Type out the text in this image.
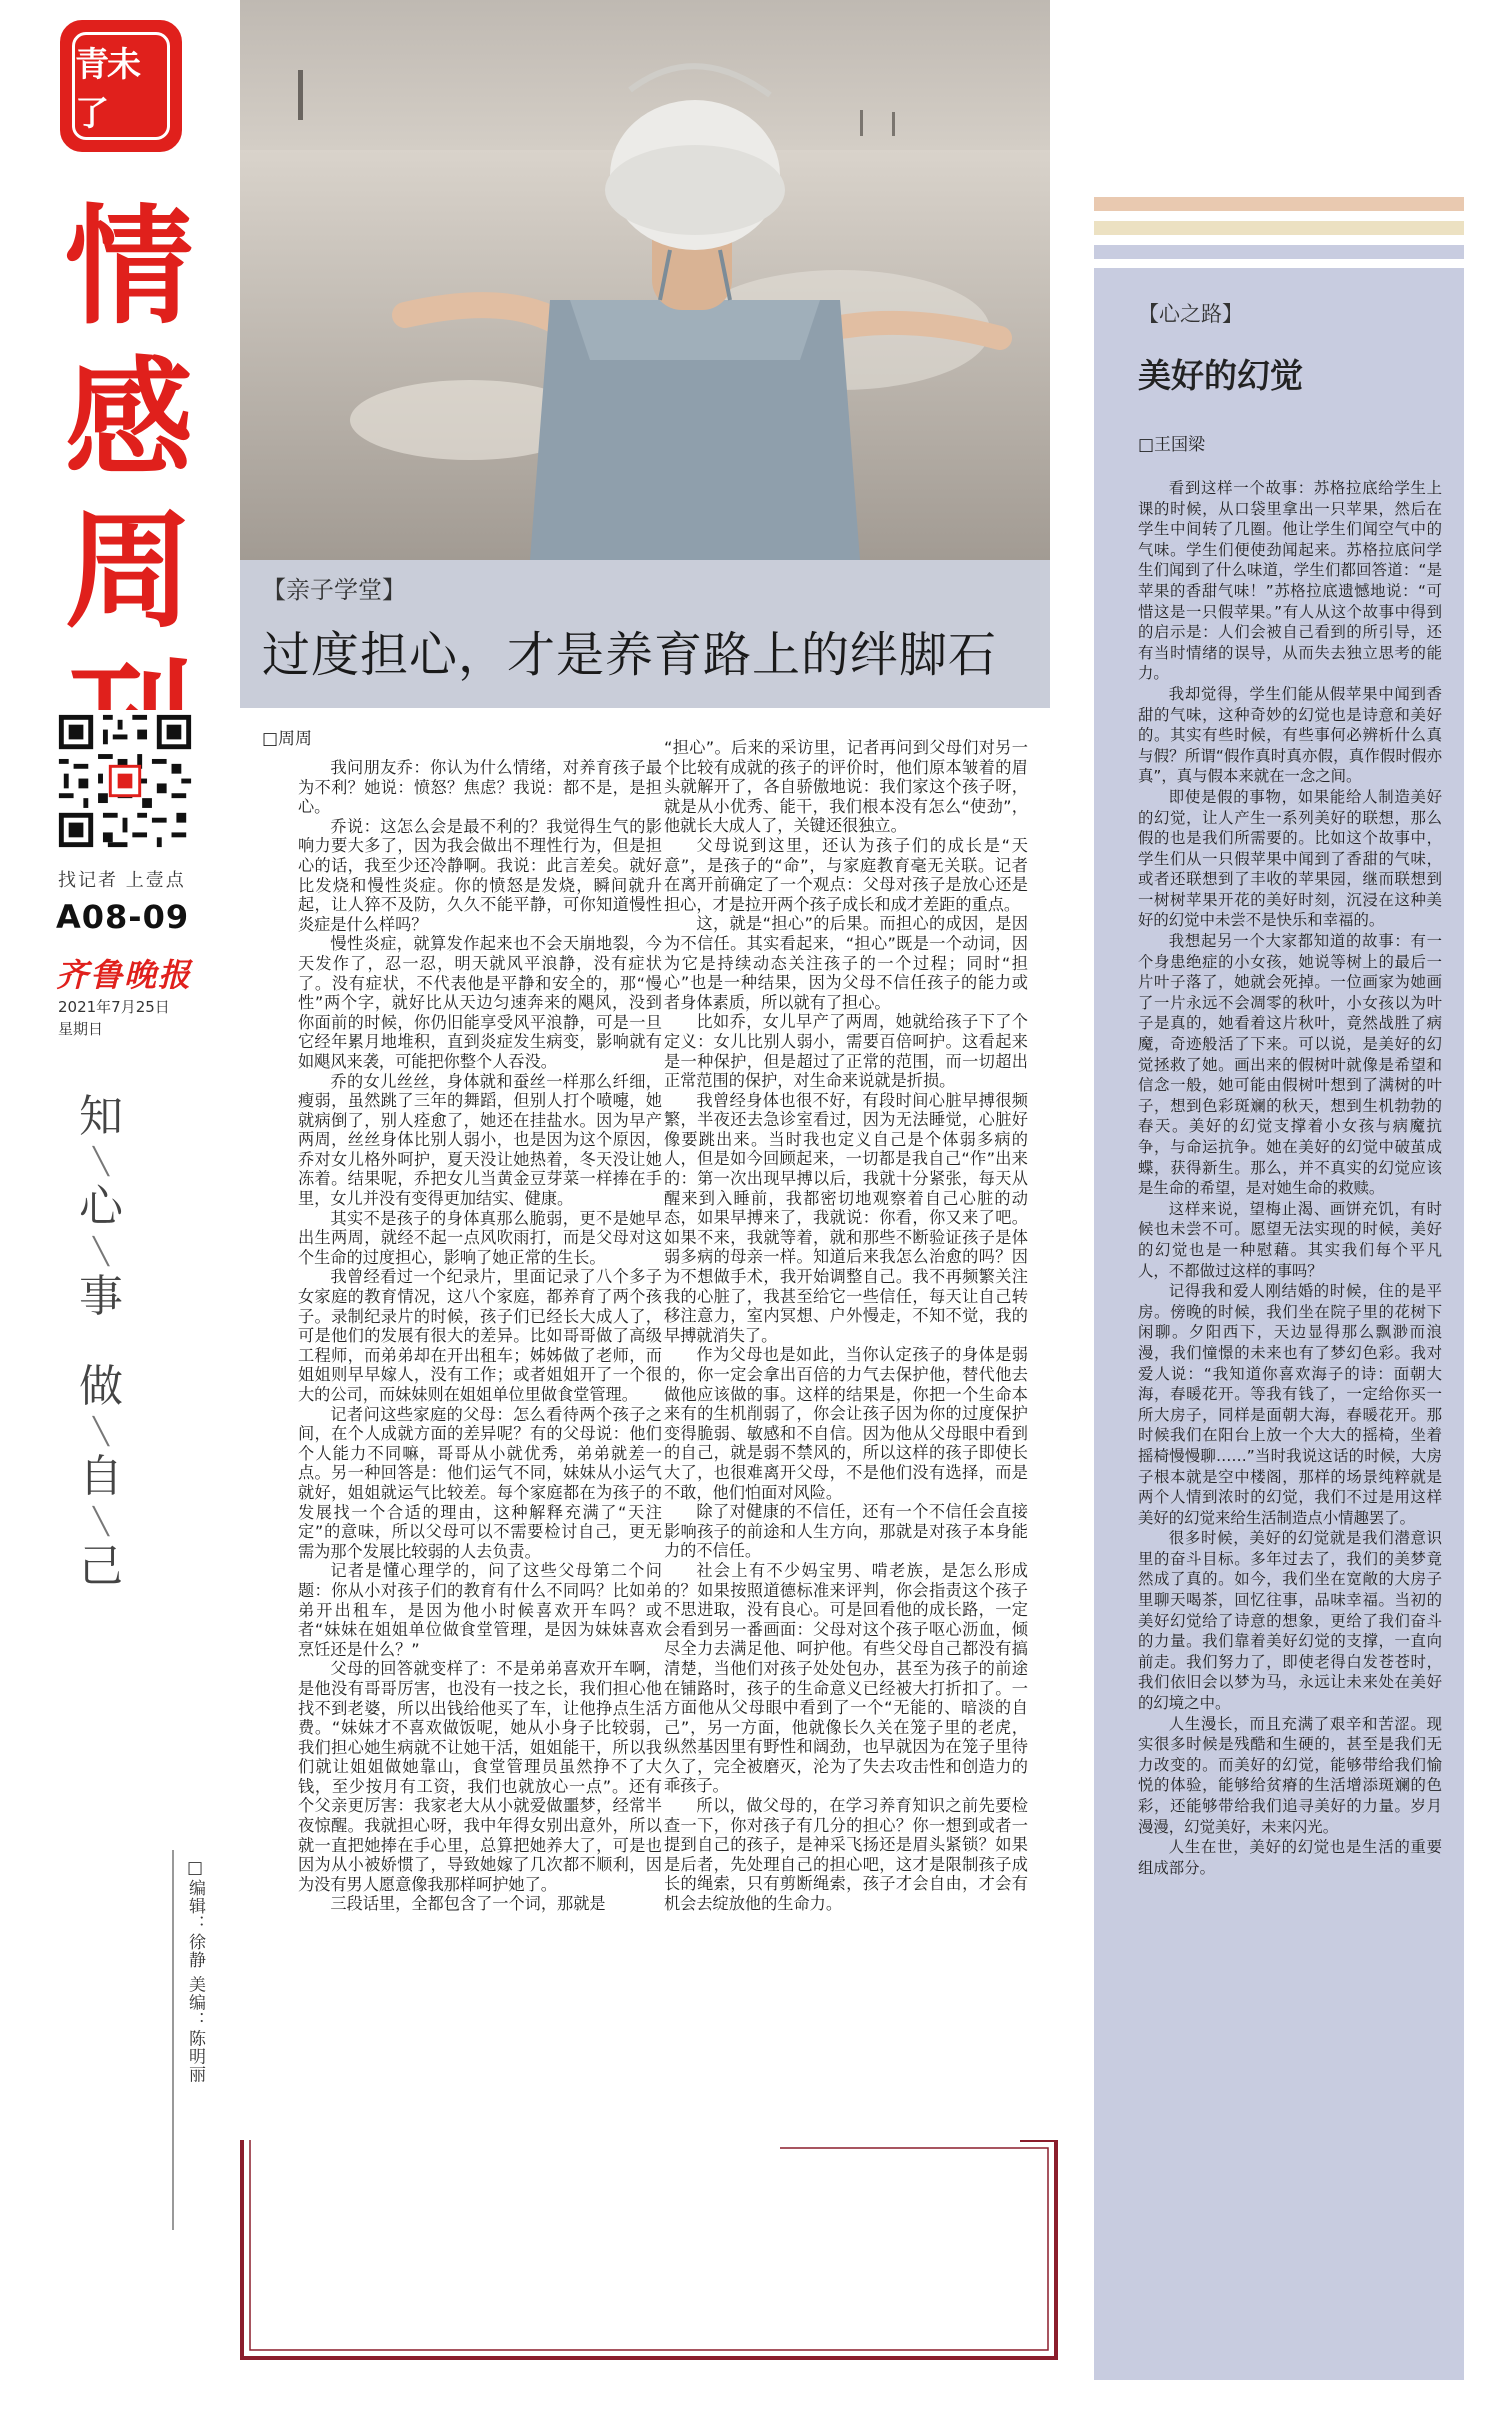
青未了
情
感
周
找记者 上壹点
A08-09
齐鲁晚报
2021年7月25日
星期日
知
╲
心
╲
事

做
╲
自
╲
己
□编辑：徐静 美编：陈明丽
【亲子学堂】
过度担心，才是养育路上的绊脚石
□周周

我问朋友乔：你认为什么情绪，对养育孩子最为不利？她说：愤怒？焦虑？我说：都不是，是担心。

乔说：这怎么会是最不利的？我觉得生气的影响力要大多了，因为我会做出不理性行为，但是担心的话，我至少还冷静啊。我说：此言差矣。就好比发烧和慢性炎症。你的愤怒是发烧，瞬间就升起，让人猝不及防，久久不能平静，可你知道慢性炎症是什么样吗？

慢性炎症，就算发作起来也不会天崩地裂，今天发作了，忍一忍，明天就风平浪静，没有症状了。没有症状，不代表他是平静和安全的，那“慢性”两个字，就好比从天边匀速奔来的飓风，没到你面前的时候，你仍旧能享受风平浪静，可是一旦它经年累月地堆积，直到炎症发生病变，影响就有如飓风来袭，可能把你整个人吞没。

乔的女儿丝丝，身体就和蚕丝一样那么纤细，瘦弱，虽然跳了三年的舞蹈，但别人打个喷嚏，她就病倒了，别人痊愈了，她还在挂盐水。因为早产两周，丝丝身体比别人弱小，也是因为这个原因，乔对女儿格外呵护，夏天没让她热着，冬天没让她冻着。结果呢，乔把女儿当黄金豆芽菜一样捧在手里，女儿并没有变得更加结实、健康。

其实不是孩子的身体真那么脆弱，更不是她早出生两周，就经不起一点风吹雨打，而是父母对这个生命的过度担心，影响了她正常的生长。

我曾经看过一个纪录片，里面记录了八个多子女家庭的教育情况，这八个家庭，都养育了两个孩子。录制纪录片的时候，孩子们已经长大成人了，可是他们的发展有很大的差异。比如哥哥做了高级工程师，而弟弟却在开出租车；姊姊做了老师，而姐姐则早早嫁人，没有工作；或者姐姐开了一个很大的公司，而妹妹则在姐姐单位里做食堂管理。

记者问这些家庭的父母：怎么看待两个孩子之间，在个人成就方面的差异呢？有的父母说：他们个人能力不同嘛，哥哥从小就优秀，弟弟就差一点。另一种回答是：他们运气不同，妹妹从小运气就好，姐姐就运气比较差。每个家庭都在为孩子的发展找一个合适的理由，这种解释充满了“天注定”的意味，所以父母可以不需要检讨自己，更无需为那个发展比较弱的人去负责。

记者是懂心理学的，问了这些父母第二个问题：你从小对孩子们的教育有什么不同吗？比如弟弟开出租车，是因为他小时候喜欢开车吗？或者“妹妹在姐姐单位做食堂管理，是因为妹妹喜欢烹饪还是什么？”

父母的回答就变样了：不是弟弟喜欢开车啊，是他没有哥哥厉害，也没有一技之长，我们担心他找不到老婆，所以出钱给他买了车，让他挣点生活费。“妹妹才不喜欢做饭呢，她从小身子比较弱，我们担心她生病就不让她干活，姐姐能干，所以我们就让姐姐做她靠山，食堂管理员虽然挣不了大钱，至少按月有工资，我们也就放心一点”。还有个父亲更厉害：我家老大从小就爱做噩梦，经常半夜惊醒。我就担心呀，我中年得女别出意外，所以就一直把她捧在手心里，总算把她养大了，可是也因为从小被娇惯了，导致她嫁了几次都不顺利，因为没有男人愿意像我那样呵护她了。

三段话里，全都包含了一个词，那就是

“担心”。后来的采访里，记者再问到父母们对另一个比较有成就的孩子的评价时，他们原本皱着的眉头就解开了，各自骄傲地说：我们家这个孩子呀，就是从小优秀、能干，我们根本没有怎么“使劲”，他就长大成人了，关键还很独立。

父母说到这里，还认为孩子们的成长是“天意”，是孩子的“命”，与家庭教育毫无关联。记者在离开前确定了一个观点：父母对孩子是放心还是担心，才是拉开两个孩子成长和成才差距的重点。

这，就是“担心”的后果。而担心的成因，是因为不信任。其实看起来，“担心”既是一个动词，因为它是持续动态关注孩子的一个过程；同时“担心”也是一种结果，因为父母不信任孩子的能力或者身体素质，所以就有了担心。

比如乔，女儿早产了两周，她就给孩子下了个定义：女儿比别人弱小，需要百倍呵护。这看起来是一种保护，但是超过了正常的范围，而一切超出正常范围的保护，对生命来说就是折损。

我曾经身体也很不好，有段时间心脏早搏很频繁，半夜还去急诊室看过，因为无法睡觉，心脏好像要跳出来。当时我也定义自己是个体弱多病的人，但是如今回顾起来，一切都是我自己“作”出来的：第一次出现早搏以后，我就十分紧张，每天从醒来到入睡前，我都密切地观察着自己心脏的动态，如果早搏来了，我就说：你看，你又来了吧。如果不来，我就等着，就和那些不断验证孩子是体弱多病的母亲一样。知道后来我怎么治愈的吗？因为不想做手术，我开始调整自己。我不再频繁关注我的心脏了，我甚至给它一些信任，每天让自己转移注意力，室内冥想、户外慢走，不知不觉，我的早搏就消失了。

作为父母也是如此，当你认定孩子的身体是弱的，你一定会拿出百倍的力气去保护他，替代他去做他应该做的事。这样的结果是，你把一个生命本来有的生机削弱了，你会让孩子因为你的过度保护变得脆弱、敏感和不自信。因为他从父母眼中看到的自己，就是弱不禁风的，所以这样的孩子即使长大了，也很难离开父母，不是他们没有选择，而是不敢，他们怕面对风险。

除了对健康的不信任，还有一个不信任会直接影响孩子的前途和人生方向，那就是对孩子本身能力的不信任。

社会上有不少妈宝男、啃老族，是怎么形成的？如果按照道德标准来评判，你会指责这个孩子不思进取，没有良心。可是回看他的成长路，一定会看到另一番画面：父母对这个孩子呕心沥血，倾尽全力去满足他、呵护他。有些父母自己都没有搞清楚，当他们对孩子处处包办，甚至为孩子的前途在铺路时，孩子的生命意义已经被大打折扣了。一方面他从父母眼中看到了一个“无能的、暗淡的自己”，另一方面，他就像长久关在笼子里的老虎，纵然基因里有野性和阔劲，也早就因为在笼子里待久了，完全被磨灭，沦为了失去攻击性和创造力的乖孩子。

所以，做父母的，在学习养育知识之前先要检查一下，你对孩子有几分的担心？你一想到或者一提到自己的孩子，是神采飞扬还是眉头紧锁？如果是后者，先处理自己的担心吧，这才是限制孩子成长的绳索，只有剪断绳索，孩子才会自由，才会有机会去绽放他的生命力。

【心之路】
美好的幻觉
□王国梁

看到这样一个故事：苏格拉底给学生上课的时候，从口袋里拿出一只苹果，然后在学生中间转了几圈。他让学生们闻空气中的气味。学生们便使劲闻起来。苏格拉底问学生们闻到了什么味道，学生们都回答道：“是苹果的香甜气味！”苏格拉底遗憾地说：“可惜这是一只假苹果。”有人从这个故事中得到的启示是：人们会被自己看到的所引导，还有当时情绪的误导，从而失去独立思考的能力。

我却觉得，学生们能从假苹果中闻到香甜的气味，这种奇妙的幻觉也是诗意和美好的。其实有些时候，有些事何必辨析什么真与假？所谓“假作真时真亦假，真作假时假亦真”，真与假本来就在一念之间。

即使是假的事物，如果能给人制造美好的幻觉，让人产生一系列美好的联想，那么假的也是我们所需要的。比如这个故事中，学生们从一只假苹果中闻到了香甜的气味，或者还联想到了丰收的苹果园，继而联想到一树树苹果开花的美好时刻，沉浸在这种美好的幻觉中未尝不是快乐和幸福的。

我想起另一个大家都知道的故事：有一个身患绝症的小女孩，她说等树上的最后一片叶子落了，她就会死掉。一位画家为她画了一片永远不会凋零的秋叶，小女孩以为叶子是真的，她看着这片秋叶，竟然战胜了病魔，奇迹般活了下来。可以说，是美好的幻觉拯救了她。画出来的假树叶就像是希望和信念一般，她可能由假树叶想到了满树的叶子，想到色彩斑斓的秋天，想到生机勃勃的春天。美好的幻觉支撑着小女孩与病魔抗争，与命运抗争。她在美好的幻觉中破茧成蝶，获得新生。那么，并不真实的幻觉应该是生命的希望，是对她生命的救赎。

这样来说，望梅止渴、画饼充饥，有时候也未尝不可。愿望无法实现的时候，美好的幻觉也是一种慰藉。其实我们每个平凡人，不都做过这样的事吗？

记得我和爱人刚结婚的时候，住的是平房。傍晚的时候，我们坐在院子里的花树下闲聊。夕阳西下，天边显得那么飘渺而浪漫，我们憧憬的未来也有了梦幻色彩。我对爱人说：“我知道你喜欢海子的诗：面朝大海，春暖花开。等我有钱了，一定给你买一所大房子，同样是面朝大海，春暖花开。那时候我们在阳台上放一个大大的摇椅，坐着摇椅慢慢聊……”当时我说这话的时候，大房子根本就是空中楼阁，那样的场景纯粹就是两个人情到浓时的幻觉，我们不过是用这样美好的幻觉来给生活制造点小情趣罢了。

很多时候，美好的幻觉就是我们潜意识里的奋斗目标。多年过去了，我们的美梦竟然成了真的。如今，我们坐在宽敞的大房子里聊天喝茶，回忆往事，品味幸福。当初的美好幻觉给了诗意的想象，更给了我们奋斗的力量。我们靠着美好幻觉的支撑，一直向前走。我们努力了，即使老得白发苍苍时，我们依旧会以梦为马，永远让未来处在美好的幻境之中。

人生漫长，而且充满了艰辛和苦涩。现实很多时候是残酷和生硬的，甚至是我们无力改变的。而美好的幻觉，能够带给我们愉悦的体验，能够给贫瘠的生活增添斑斓的色彩，还能够带给我们追寻美好的力量。岁月漫漫，幻觉美好，未来闪光。

人生在世，美好的幻觉也是生活的重要组成部分。
